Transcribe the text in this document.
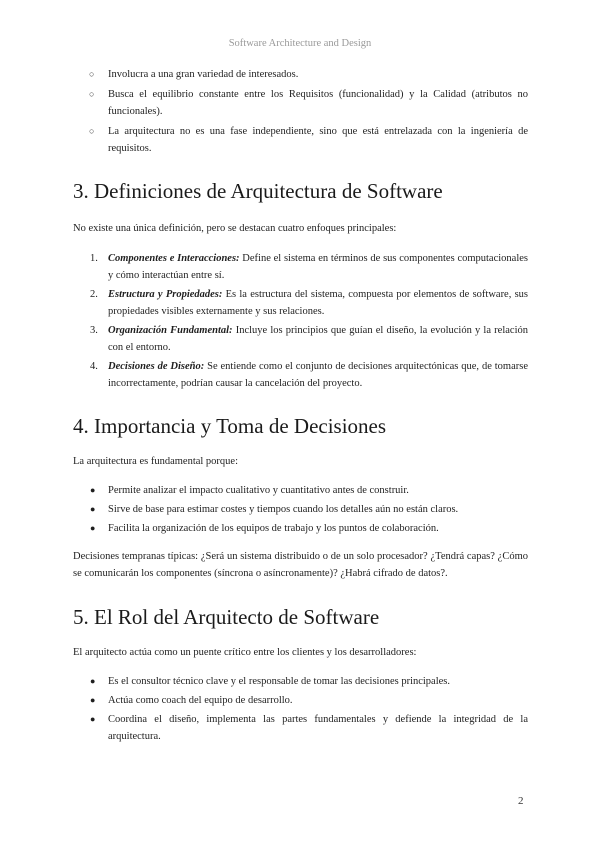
Software Architecture and Design
○ Involucra a una gran variedad de interesados.
○ Busca el equilibrio constante entre los Requisitos (funcionalidad) y la Calidad (atributos no funcionales).
○ La arquitectura no es una fase independiente, sino que está entrelazada con la ingeniería de requisitos.
3. Definiciones de Arquitectura de Software

No existe una única definición, pero se destacan cuatro enfoques principales:

1. Componentes e Interacciones: Define el sistema en términos de sus componentes computacionales y cómo interactúan entre sí.
2. Estructura y Propiedades: Es la estructura del sistema, compuesta por elementos de software, sus propiedades visibles externamente y sus relaciones.
3. Organización Fundamental: Incluye los principios que guían el diseño, la evolución y la relación con el entorno.
4. Decisiones de Diseño: Se entiende como el conjunto de decisiones arquitectónicas que, de tomarse incorrectamente, podrían causar la cancelación del proyecto.
4. Importancia y Toma de Decisiones

La arquitectura es fundamental porque:

● Permite analizar el impacto cualitativo y cuantitativo antes de construir.
● Sirve de base para estimar costes y tiempos cuando los detalles aún no están claros.
● Facilita la organización de los equipos de trabajo y los puntos de colaboración.

Decisiones tempranas típicas: ¿Será un sistema distribuido o de un solo procesador? ¿Tendrá capas? ¿Cómo se comunicarán los componentes (síncrona o asíncronamente)? ¿Habrá cifrado de datos?.

5. El Rol del Arquitecto de Software

El arquitecto actúa como un puente crítico entre los clientes y los desarrolladores:

● Es el consultor técnico clave y el responsable de tomar las decisiones principales.
● Actúa como coach del equipo de desarrollo.
● Coordina el diseño, implementa las partes fundamentales y defiende la integridad de la arquitectura.
2
